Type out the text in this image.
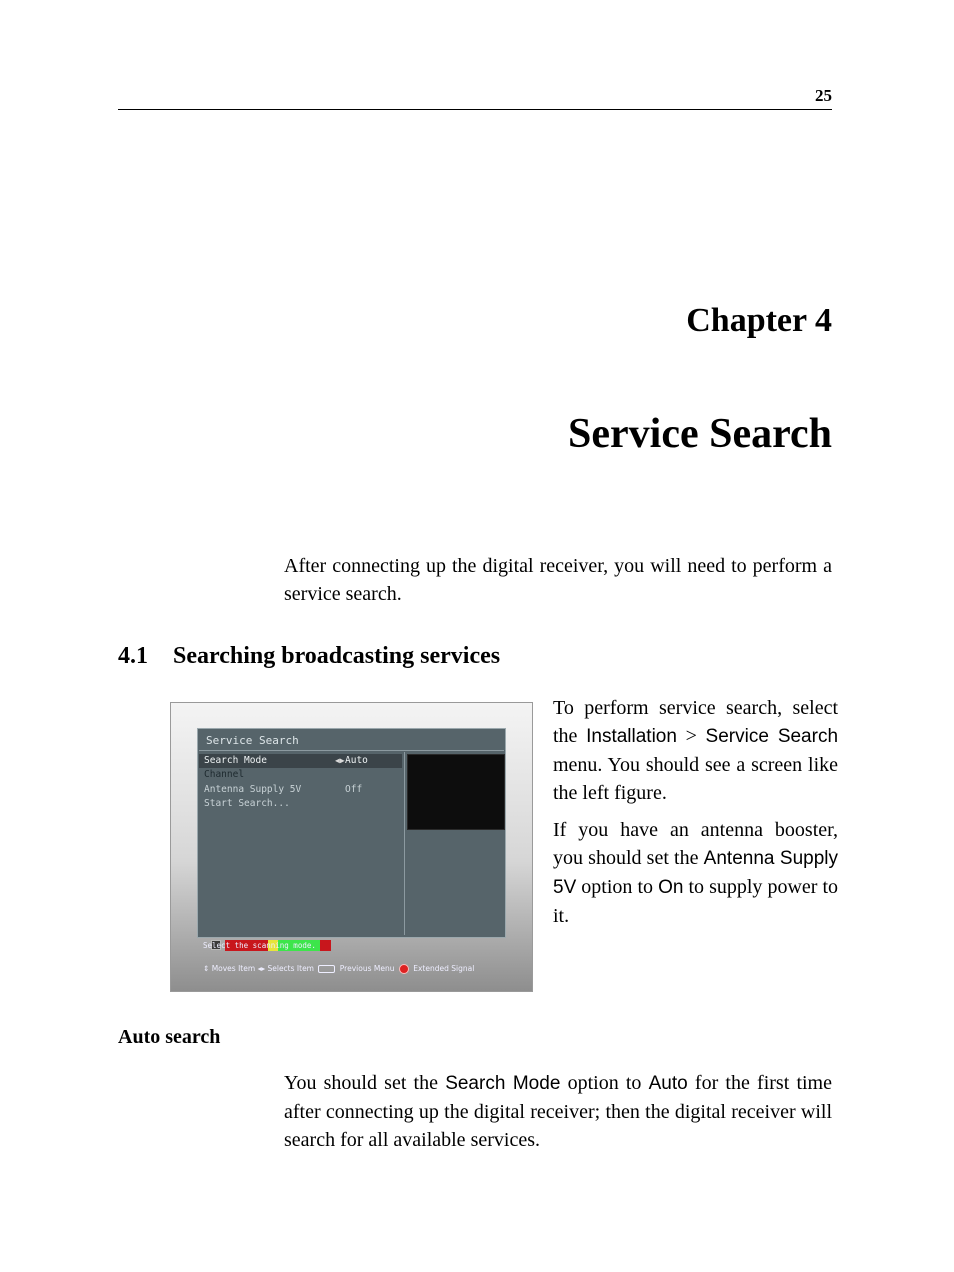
25
Chapter 4
Service Search
After connecting up the digital receiver, you will need to perform a service search.
4.1 Searching broadcasting services
Service Search
Search Mode	◀▶ Auto
Channel
Antenna Supply 5V	Off
Start Search...
Select the scanning mode.
⇕ Moves Item ◂▸ Selects Item	Previous Menu	Extended Signal

To perform service search, select the Installation > Service Search menu. You should see a screen like the left figure.

If you have an antenna booster, you should set the Antenna Supply 5V option to On to supply power to it.

Auto search
You should set the Search Mode option to Auto for the first time after connecting up the digital receiver; then the digital receiver will search for all available services.
